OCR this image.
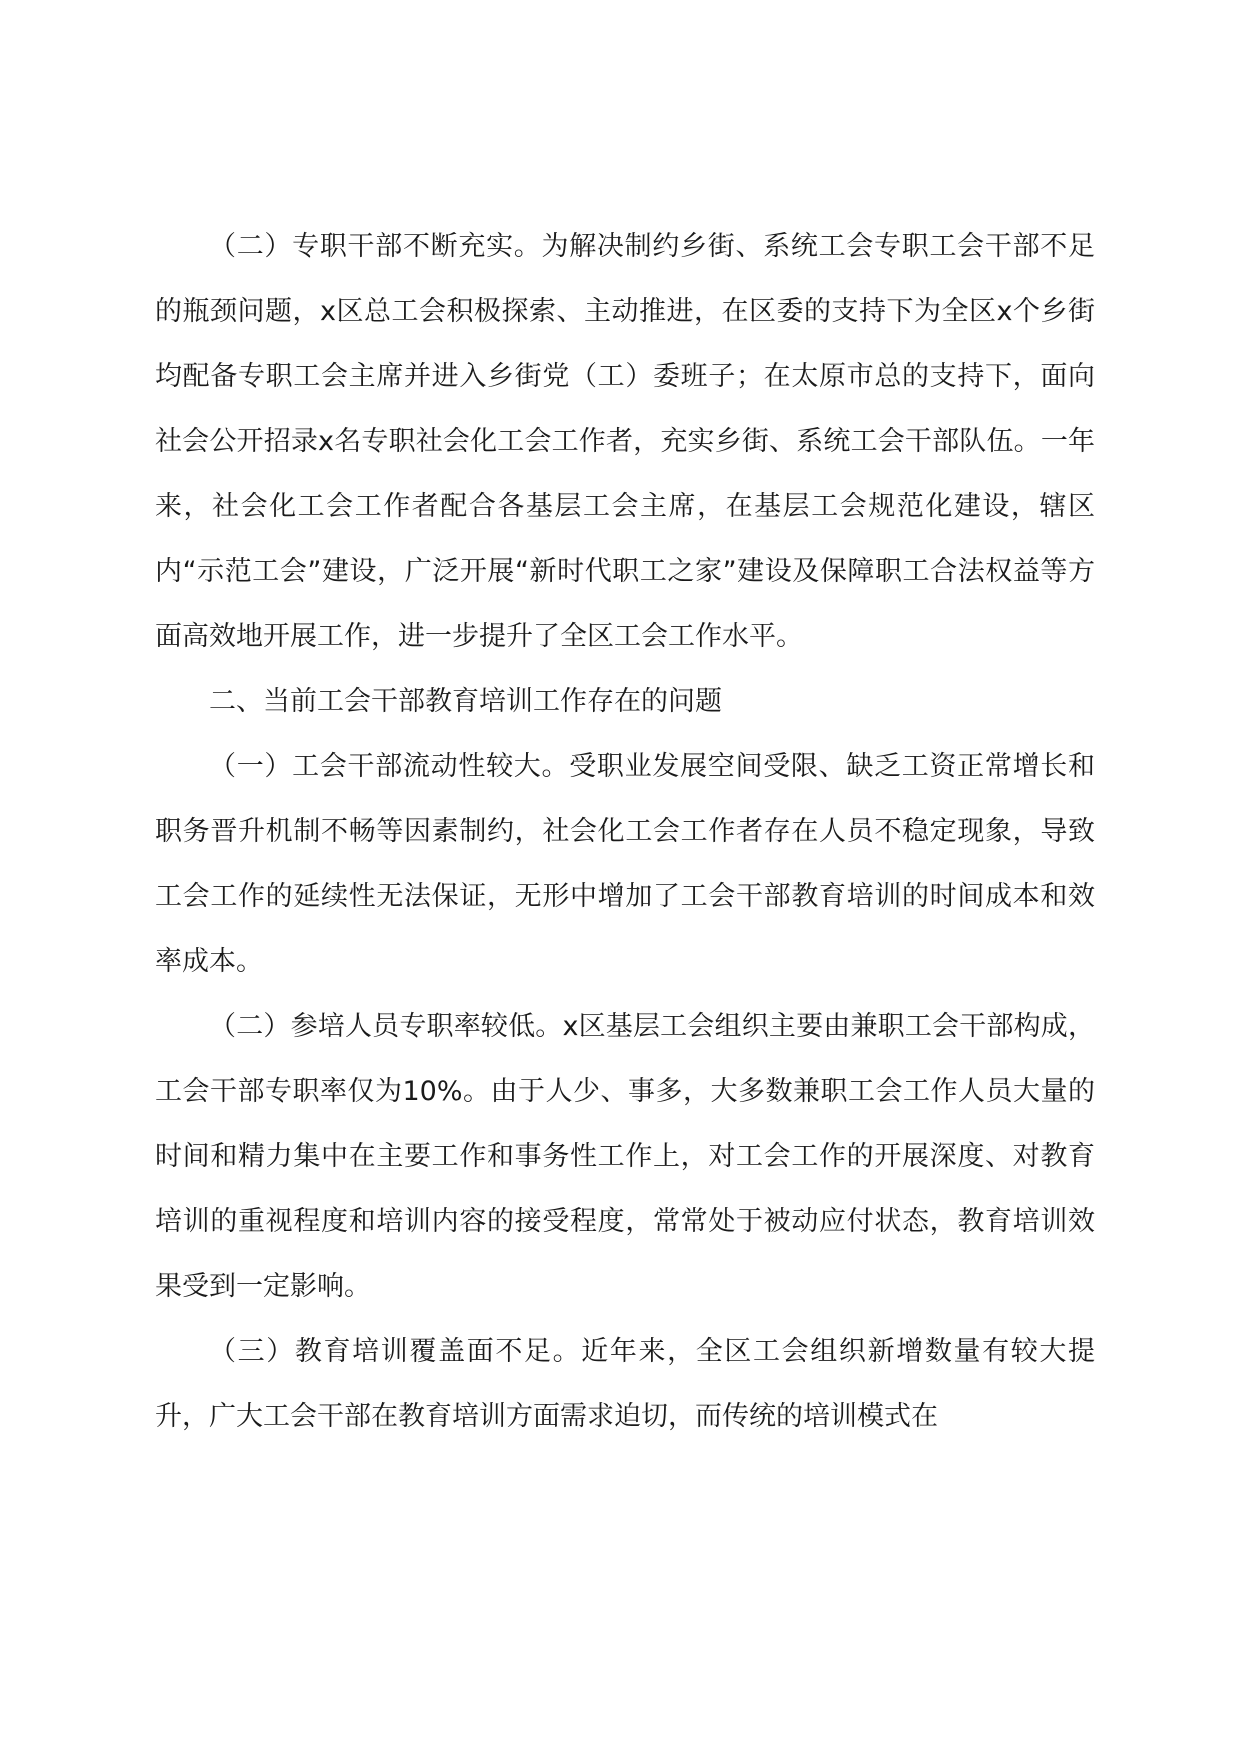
（二）专职干部不断充实。为解决制约乡街、系统工会专职工会干部不足的瓶颈问题，x区总工会积极探索、主动推进，在区委的支持下为全区x个乡街均配备专职工会主席并进入乡街党（工）委班子；在太原市总的支持下，面向社会公开招录x名专职社会化工会工作者，充实乡街、系统工会干部队伍。一年来，社会化工会工作者配合各基层工会主席，在基层工会规范化建设，辖区内“示范工会”建设，广泛开展“新时代职工之家”建设及保障职工合法权益等方面高效地开展工作，进一步提升了全区工会工作水平。

二、当前工会干部教育培训工作存在的问题

（一）工会干部流动性较大。受职业发展空间受限、缺乏工资正常增长和职务晋升机制不畅等因素制约，社会化工会工作者存在人员不稳定现象，导致工会工作的延续性无法保证，无形中增加了工会干部教育培训的时间成本和效率成本。

（二）参培人员专职率较低。x区基层工会组织主要由兼职工会干部构成，工会干部专职率仅为10%。由于人少、事多，大多数兼职工会工作人员大量的时间和精力集中在主要工作和事务性工作上，对工会工作的开展深度、对教育培训的重视程度和培训内容的接受程度，常常处于被动应付状态，教育培训效果受到一定影响。

（三）教育培训覆盖面不足。近年来，全区工会组织新增数量有较大提升，广大工会干部在教育培训方面需求迫切，而传统的培训模式在
